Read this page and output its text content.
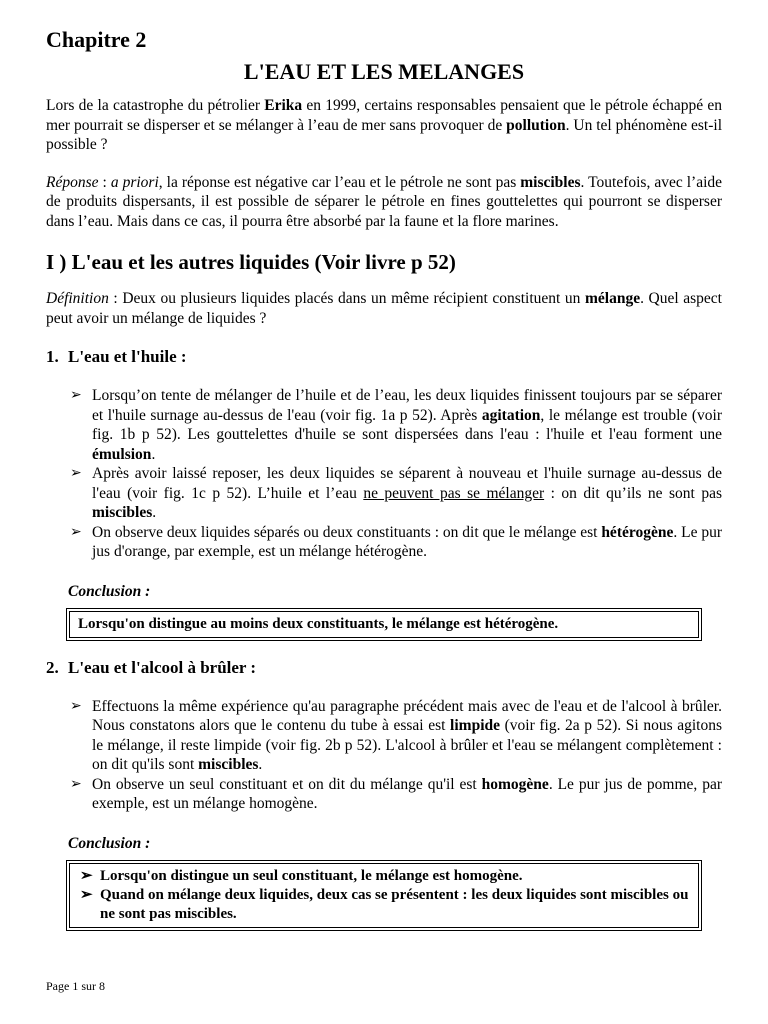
Chapitre 2
L'EAU ET LES MELANGES

Lors de la catastrophe du pétrolier Erika en 1999, certains responsables pensaient que le pétrole échappé en mer pourrait se disperser et se mélanger à l’eau de mer sans provoquer de pollution. Un tel phénomène est-il possible ?

Réponse : a priori, la réponse est négative car l’eau et le pétrole ne sont pas miscibles. Toutefois, avec l’aide de produits dispersants, il est possible de séparer le pétrole en fines gouttelettes qui pourront se disperser dans l’eau. Mais dans ce cas, il pourra être absorbé par la faune et la flore marines.

I ) L'eau et les autres liquides (Voir livre p 52)

Définition : Deux ou plusieurs liquides placés dans un même récipient constituent un mélange. Quel aspect peut avoir un mélange de liquides ?

1. L'eau et l'huile :
➢ Lorsqu’on tente de mélanger de l’huile et de l’eau, les deux liquides finissent toujours par se séparer et l'huile surnage au-dessus de l'eau (voir fig. 1a p 52). Après agitation, le mélange est trouble (voir fig. 1b p 52). Les gouttelettes d'huile se sont dispersées dans l'eau : l'huile et l'eau forment une émulsion.
➢ Après avoir laissé reposer, les deux liquides se séparent à nouveau et l'huile surnage au-dessus de l'eau (voir fig. 1c p 52). L’huile et l’eau ne peuvent pas se mélanger : on dit qu’ils ne sont pas miscibles.
➢ On observe deux liquides séparés ou deux constituants : on dit que le mélange est hétérogène. Le pur jus d'orange, par exemple, est un mélange hétérogène.
Conclusion :
Lorsqu'on distingue au moins deux constituants, le mélange est hétérogène.
2. L'eau et l'alcool à brûler :
➢ Effectuons la même expérience qu'au paragraphe précédent mais avec de l'eau et de l'alcool à brûler. Nous constatons alors que le contenu du tube à essai est limpide (voir fig. 2a p 52). Si nous agitons le mélange, il reste limpide (voir fig. 2b p 52). L'alcool à brûler et l'eau se mélangent complètement : on dit qu'ils sont miscibles.
➢ On observe un seul constituant et on dit du mélange qu'il est homogène. Le pur jus de pomme, par exemple, est un mélange homogène.
Conclusion :
➢ Lorsqu'on distingue un seul constituant, le mélange est homogène.
➢ Quand on mélange deux liquides, deux cas se présentent : les deux liquides sont miscibles ou ne sont pas miscibles.
Page 1 sur 8
